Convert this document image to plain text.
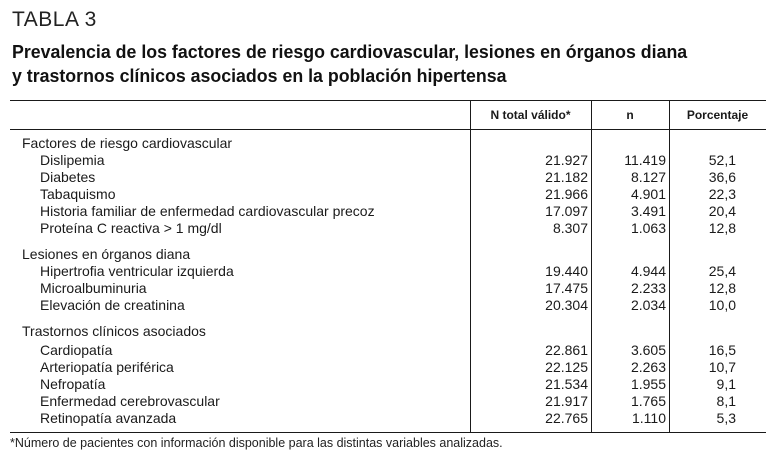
TABLA 3
Prevalencia de los factores de riesgo cardiovascular, lesiones en órganos diana
y trastornos clínicos asociados en la población hipertensa
N total válido*	n	Porcentaje
Factores de riesgo cardiovascular
Dislipemia	21.927	11.419	52,1
Diabetes	21.182	8.127	36,6
Tabaquismo	21.966	4.901	22,3
Historia familiar de enfermedad cardiovascular precoz	17.097	3.491	20,4
Proteína C reactiva > 1 mg/dl	8.307	1.063	12,8
Lesiones en órganos diana
Hipertrofia ventricular izquierda	19.440	4.944	25,4
Microalbuminuria	17.475	2.233	12,8
Elevación de creatinina	20.304	2.034	10,0
Trastornos clínicos asociados
Cardiopatía	22.861	3.605	16,5
Arteriopatía periférica	22.125	2.263	10,7
Nefropatía	21.534	1.955	9,1
Enfermedad cerebrovascular	21.917	1.765	8,1
Retinopatía avanzada	22.765	1.110	5,3
*Número de pacientes con información disponible para las distintas variables analizadas.
